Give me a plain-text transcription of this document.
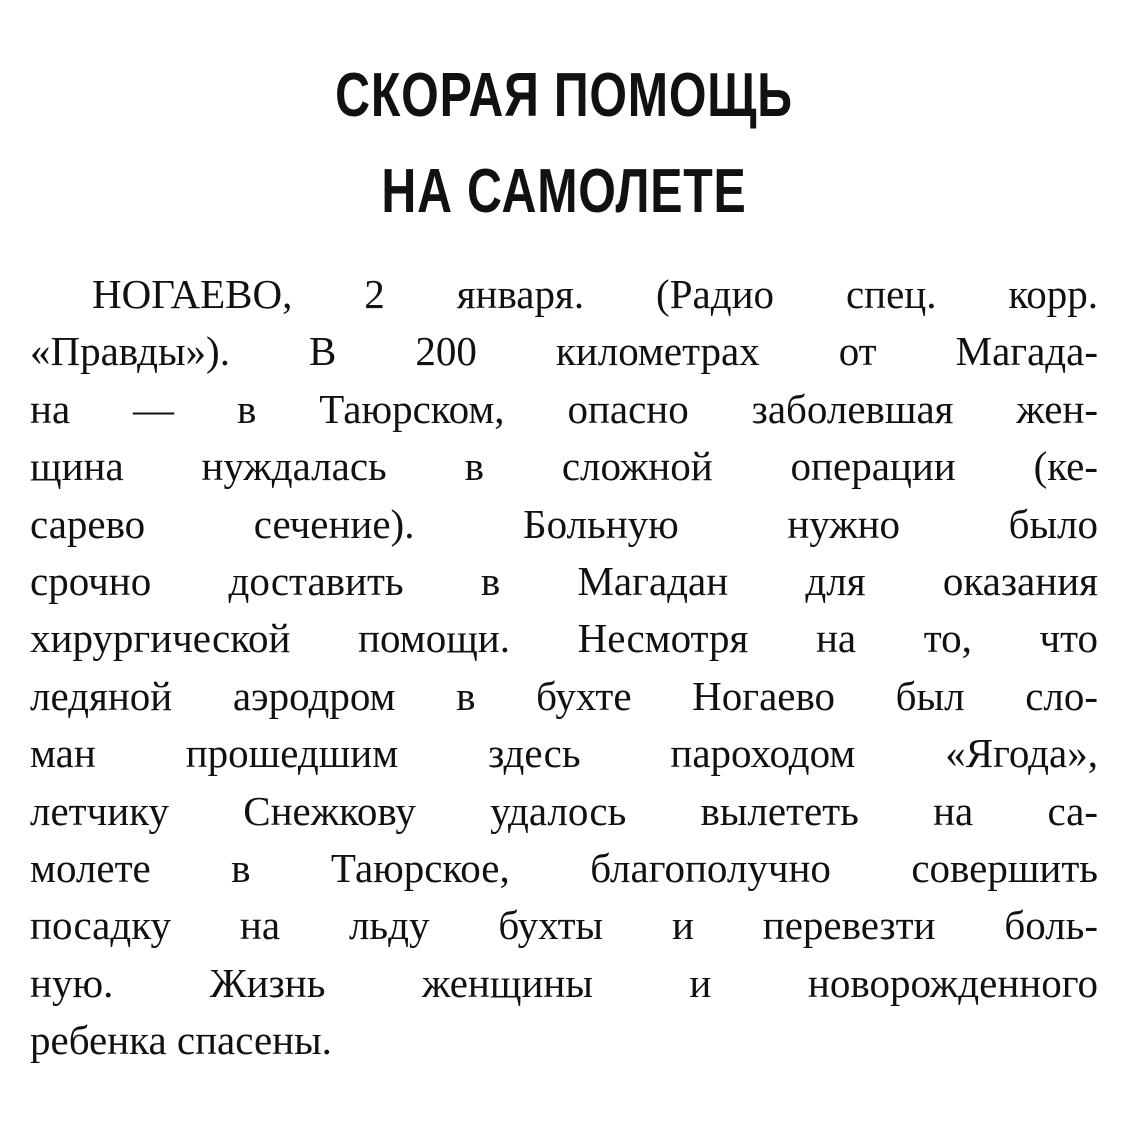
СКОРАЯ ПОМОЩЬ
НА САМОЛЕТЕ
НОГАЕВО, 2 января. (Радио спец. корр.
«Правды»). В 200 километрах от Магада-
на — в Таюрском, опасно заболевшая жен-
щина нуждалась в сложной операции (ке-
сарево сечение). Больную нужно было
срочно доставить в Магадан для оказания
хирургической помощи. Несмотря на то, что
ледяной аэродром в бухте Ногаево был сло-
ман прошедшим здесь пароходом «Ягода»,
летчику Снежкову удалось вылететь на са-
молете в Таюрское, благополучно совершить
посадку на льду бухты и перевезти боль-
ную. Жизнь женщины и новорожденного
ребенка спасены.
